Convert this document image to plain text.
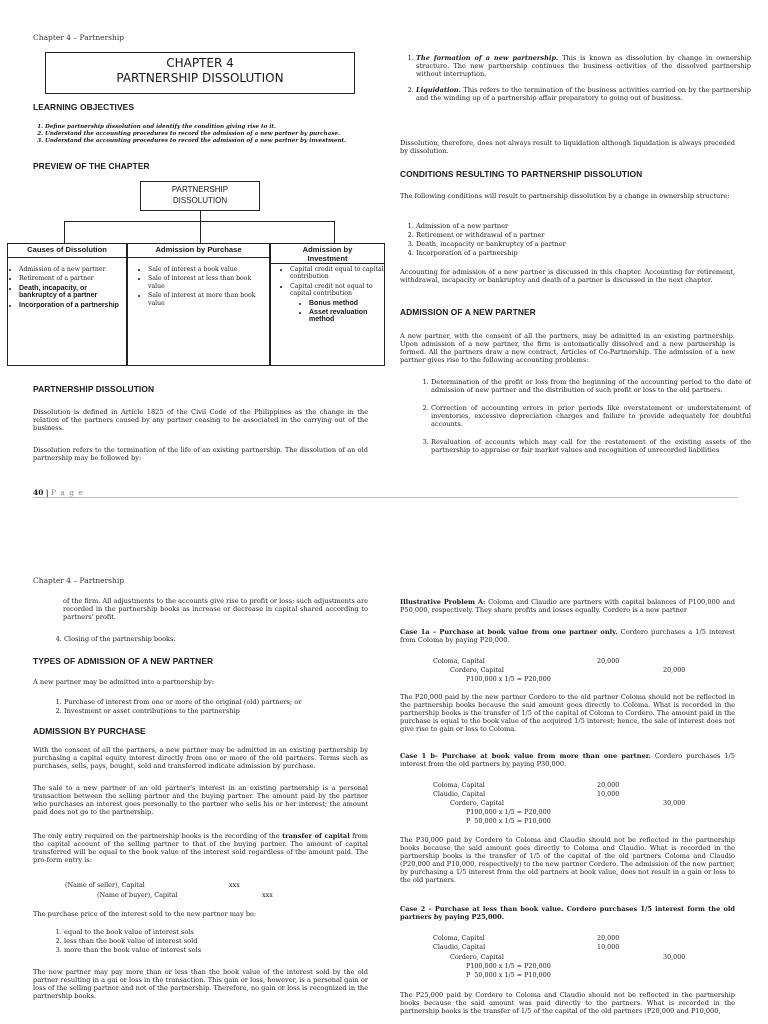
Chapter 4 – Partnership
CHAPTER 4
PARTNERSHIP DISSOLUTION
LEARNING OBJECTIVES
1. Define partnership dissolution and identify the condition giving rise to it.
2. Understand the accounting procedures to record the admission of a new partner by purchase.
3. Understand the accounting procedures to record the admission of a new partner by investment.
PREVIEW OF THE CHAPTER
PARTNERSHIP DISSOLUTION
Causes of Dissolution
• Admission of a new partner
• Retirement of a partner
• Death, incapacity, or bankruptcy of a partner
• Incorporation of a partnership
Admission by Purchase
• Sale of interest a book value
• Sale of interest at less than book value
• Sale of interest at more than book value
Admission by Investment
• Capital credit equal to capital contribution
• Capital credit not equal to capital contribution
• Bonus method
• Asset revaluation method
PARTNERSHIP DISSOLUTION

Dissolution is defined in Article 1825 of the Civil Code of the Philippines as the change in the relation of the partners caused by any partner ceasing to be associated in the carrying out of the business.

Dissolution refers to the termination of the life of an existing partnership. The dissolution of an old partnership may be followed by:

1. The formation of a new partnership. This is known as dissolution by change in ownership structure. The new partnership continues the business activities of the dissolved partnership without interruption.
2. Liquidation. This refers to the termination of the business activities carried on by the partnership and the winding up of a partnership affair preparatory to going out of business.

Dissolution, therefore, does not always result to liquidation although liquidation is always preceded by dissolution.

CONDITIONS RESULTING TO PARTNERSHIP DISSOLUTION

The following conditions will result to partnership dissolution by a change in ownership structure:

1. Admission of a new partner
2. Retirement or withdrawal of a partner
3. Death, incapacity or bankruptcy of a partner
4. Incorporation of a partnership

Accounting for admission of a new partner is discussed in this chapter. Accounting for retirement, withdrawal, incapacity or bankruptcy and death of a partner is discussed in the next chapter.

ADMISSION OF A NEW PARTNER

A new partner, with the consent of all the partners, may be admitted in an existing partnership. Upon admission of a new partner, the firm is automatically dissolved and a new partnership is formed. All the partners draw a new contract, Articles of Co-Partnership. The admission of a new partner gives rise to the following accounting problems:

1. Determination of the profit or loss from the beginning of the accounting period to the date of admission of new partner and the distribution of such profit or loss to the old partners.
2. Correction of accounting errors in prior periods like overstatement or understatement of inventories, excessive depreciation charges and failure to provide adequately for doubtful accounts.
3. Revaluation of accounts which may call for the restatement of the existing assets of the partnership to appraise or fair market values and recognition of unrecorded liabilities
40 | P a g e
Chapter 4 – Partnership

of the firm. All adjustments to the accounts give rise to profit or loss; such adjustments are recorded in the partnership books as increase or decrease in capital shared according to partners' profit.

4. Closing of the partnership books.
TYPES OF ADMISSION OF A NEW PARTNER

A new partner may be admitted into a partnership by:

1. Purchase of interest from one or more of the original (old) partners; or
2. Investment or asset contributions to the partnership
ADMISSION BY PURCHASE

With the consent of all the partners, a new partner may be admitted in an existing partnership by purchasing a capital equity interest directly from one or more of the old partners. Terms such as purchases, sells, pays, bought, sold and transferred indicate admission by purchase.

The sale to a new partner of an old partner's interest in an existing partnership is a personal transaction between the selling partner and the buying partner. The amount paid by the partner who purchases an interest goes personally to the partner who sells his or her interest; the amount paid does not go to the partnership.

The only entry required on the partnership books is the recording of the transfer of capital from the capital account of the selling partner to that of the buying partner. The amount of capital transferred will be equal to the book value of the interest sold regardless of the amount paid. The pro-form entry is:

(Name of seller), Capital	xxx
(Name of buyer), Capital	xxx

The purchase price of the interest sold to the new partner may be:

1. equal to the book value of interest sols
2. less than the book value of interest sold
3. more than the book value of interest sols

The new partner may pay more than or less than the book value of the interest sold by the old partner resulting in a gai or loss in the transaction. This gain or loss, however, is a personal gain or loss of the selling partner and not of the partnership. Therefore, no gain or loss is recognized in the partnership books.

Illustrative Problem A: Coloma and Claudio are partners with capital balances of P100,000 and P50,000, respectively. They share profits and losses equally. Cordero is a new partner

Case 1a – Purchase at book value from one partner only. Cordero purchases a 1/5 interest from Coloma by paying P20,000.

Coloma, Capital	20,000
Cordero, Capital	20,000
P100,000 x 1/5 = P20,000

The P20,000 paid by the new partner Cordero to the old partner Coloma should not be reflected in the partnership books because the said amount goes directly to Coloma. What is recorded in the partnership books is the transfer of 1/5 of the capital of Coloma to Cordero. The amount paid in the purchase is equal to the book value of the acquired 1/5 interest; hence, the sale of interest does not give rise to gain or loss to Coloma.

Case 1 b- Purchase at book value from more than one partner. Cordero purchases 1/5 interest from the old partners by paying P30,000.

Coloma, Capital	20,000
Claudio, Capital	10,000
Cordero, Capital	30,000
P100,000 x 1/5 = P20,000
P  50,000 x 1/5 = P10,000

The P30,000 paid by Cordero to Coloma and Claudio should not be reflected in the partnership books because the said amount goes directly to Coloma and Claudio. What is recorded in the partnership books is the transfer of 1/5 of the capital of the old partners Coloma and Claudio (P20,000 and P10,000, respectively) to the new partner Cordero. The admission of the new partner, by purchasing a 1/5 interest from the old partners at book value, does not result in a gain or loss to the old partners.

Case 2 – Purchase at less than book value. Cordero purchases 1/5 interest form the old partners by paying P25,000.

Coloma, Capital	20,000
Claudio, Capital	10,000
Cordero, Capital	30,000
P100,000 x 1/5 = P20,000
P  50,000 x 1/5 = P10,000

The P25,000 paid by Cordero to Coloma and Claudio should not be reflected in the partnership books because the said amount was paid directly to the partners. What is recorded in the partnership books is the transfer of 1/5 of the capital of the old partners (P20,000 and P10,000,
